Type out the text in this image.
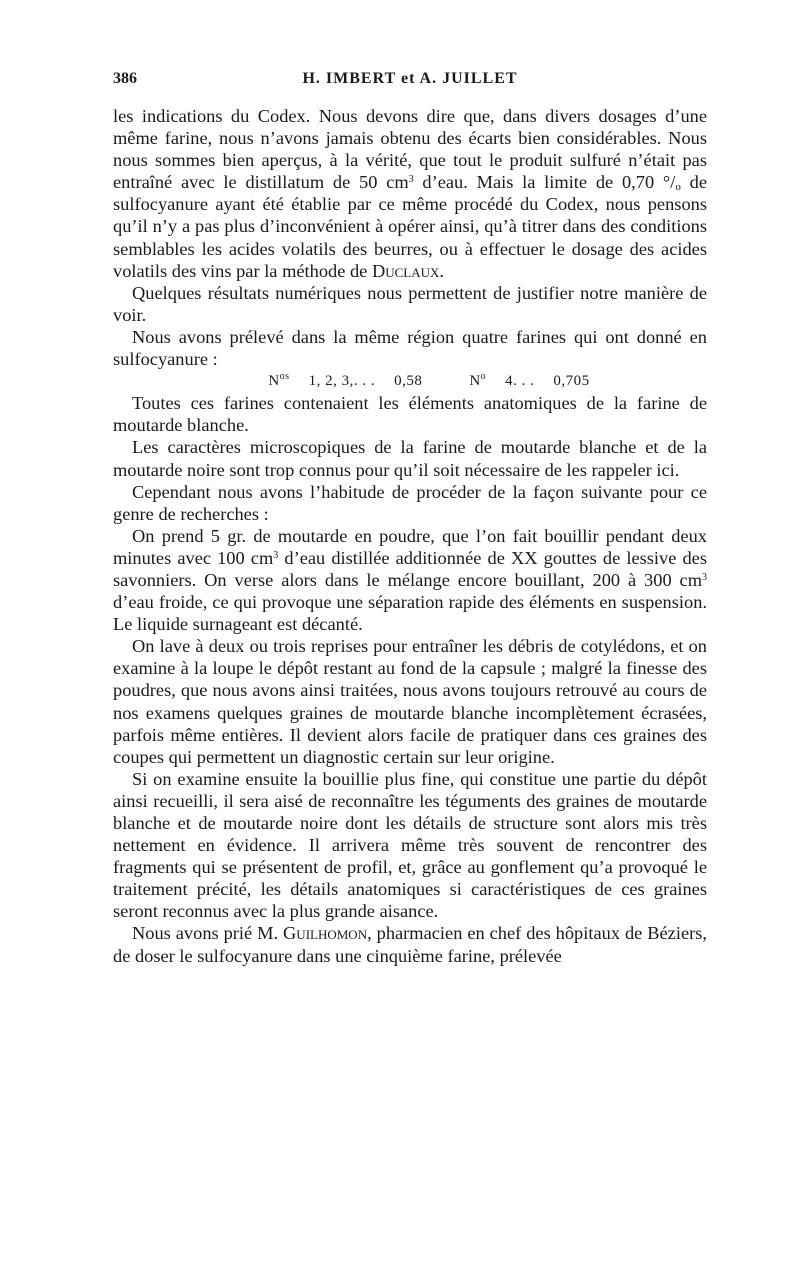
386	H. IMBERT et A. JUILLET

les indications du Codex. Nous devons dire que, dans divers dosages d’une même farine, nous n’avons jamais obtenu des écarts bien considérables. Nous nous sommes bien aperçus, à la vérité, que tout le produit sulfuré n’était pas entraîné avec le distillatum de 50 $cm^3$ d’eau. Mais la limite de 0,70 $^\circ/_o$ de sulfocyanure ayant été établie par ce même procédé du Codex, nous pensons qu’il n’y a pas plus d’inconvénient à opérer ainsi, qu’à titrer dans des conditions semblables les acides volatils des beurres, ou à effectuer le dosage des acides volatils des vins par la méthode de Duclaux.

Quelques résultats numériques nous permettent de justifier notre manière de voir.

Nous avons prélevé dans la même région quatre farines qui ont donné en sulfocyanure :

$N^{os}1$, 2, 3,. . .0,58	$N^o4$. . .0,705

Toutes ces farines contenaient les éléments anatomiques de la farine de moutarde blanche.

Les caractères microscopiques de la farine de moutarde blanche et de la moutarde noire sont trop connus pour qu’il soit nécessaire de les rappeler ici.

Cependant nous avons l’habitude de procéder de la façon suivante pour ce genre de recherches :

On prend 5 gr. de moutarde en poudre, que l’on fait bouillir pendant deux minutes avec 100 $cm^3$ d’eau distillée additionnée de XX gouttes de lessive des savonniers. On verse alors dans le mélange encore bouillant, 200 à 300 $cm^3$ d’eau froide, ce qui provoque une séparation rapide des éléments en suspension. Le liquide surnageant est décanté.

On lave à deux ou trois reprises pour entraîner les débris de cotylédons, et on examine à la loupe le dépôt restant au fond de la capsule ; malgré la finesse des poudres, que nous avons ainsi traitées, nous avons toujours retrouvé au cours de nos examens quelques graines de moutarde blanche incomplètement écrasées, parfois même entières. Il devient alors facile de pratiquer dans ces graines des coupes qui permettent un diagnostic certain sur leur origine.

Si on examine ensuite la bouillie plus fine, qui constitue une partie du dépôt ainsi recueilli, il sera aisé de reconnaître les téguments des graines de moutarde blanche et de moutarde noire dont les détails de structure sont alors mis très nettement en évidence. Il arrivera même très souvent de rencontrer des fragments qui se présentent de profil, et, grâce au gonflement qu’a provoqué le traitement précité, les détails anatomiques si caractéristiques de ces graines seront reconnus avec la plus grande aisance.

Nous avons prié M. Guilhomon, pharmacien en chef des hôpitaux de Béziers, de doser le sulfocyanure dans une cinquième farine, prélevée
